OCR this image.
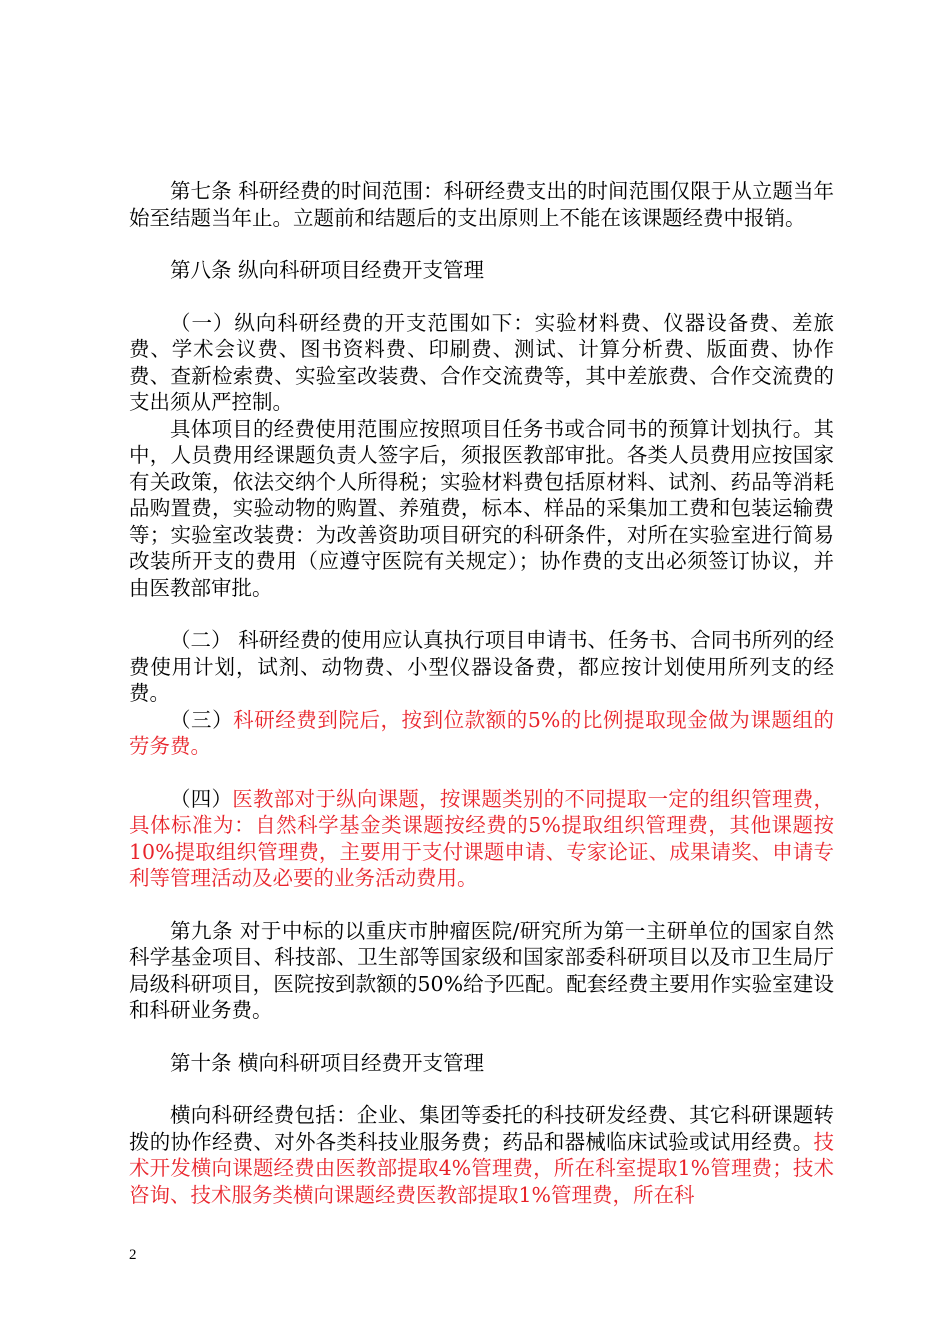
第七条 科研经费的时间范围：科研经费支出的时间范围仅限于从立题当年始至结题当年止。立题前和结题后的支出原则上不能在该课题经费中报销。

第八条 纵向科研项目经费开支管理

（一）纵向科研经费的开支范围如下：实验材料费、仪器设备费、差旅费、学术会议费、图书资料费、印刷费、测试、计算分析费、版面费、协作费、查新检索费、实验室改装费、合作交流费等，其中差旅费、合作交流费的支出须从严控制。

具体项目的经费使用范围应按照项目任务书或合同书的预算计划执行。其中，人员费用经课题负责人签字后，须报医教部审批。各类人员费用应按国家有关政策，依法交纳个人所得税；实验材料费包括原材料、试剂、药品等消耗品购置费，实验动物的购置、养殖费，标本、样品的采集加工费和包装运输费等；实验室改装费：为改善资助项目研究的科研条件，对所在实验室进行简易改装所开支的费用（应遵守医院有关规定）；协作费的支出必须签订协议，并由医教部审批。

（二） 科研经费的使用应认真执行项目申请书、任务书、合同书所列的经费使用计划，试剂、动物费、小型仪器设备费，都应按计划使用所列支的经费。

（三）科研经费到院后，按到位款额的5%的比例提取现金做为课题组的劳务费。

（四）医教部对于纵向课题，按课题类别的不同提取一定的组织管理费，具体标准为：自然科学基金类课题按经费的5%提取组织管理费，其他课题按10%提取组织管理费，主要用于支付课题申请、专家论证、成果请奖、申请专利等管理活动及必要的业务活动费用。

第九条 对于中标的以重庆市肿瘤医院/研究所为第一主研单位的国家自然科学基金项目、科技部、卫生部等国家级和国家部委科研项目以及市卫生局厅局级科研项目，医院按到款额的50%给予匹配。配套经费主要用作实验室建设和科研业务费。

第十条 横向科研项目经费开支管理

横向科研经费包括：企业、集团等委托的科技研发经费、其它科研课题转拨的协作经费、对外各类科技业服务费；药品和器械临床试验或试用经费。技术开发横向课题经费由医教部提取4%管理费，所在科室提取1%管理费；技术咨询、技术服务类横向课题经费医教部提取1%管理费，所在科

2
